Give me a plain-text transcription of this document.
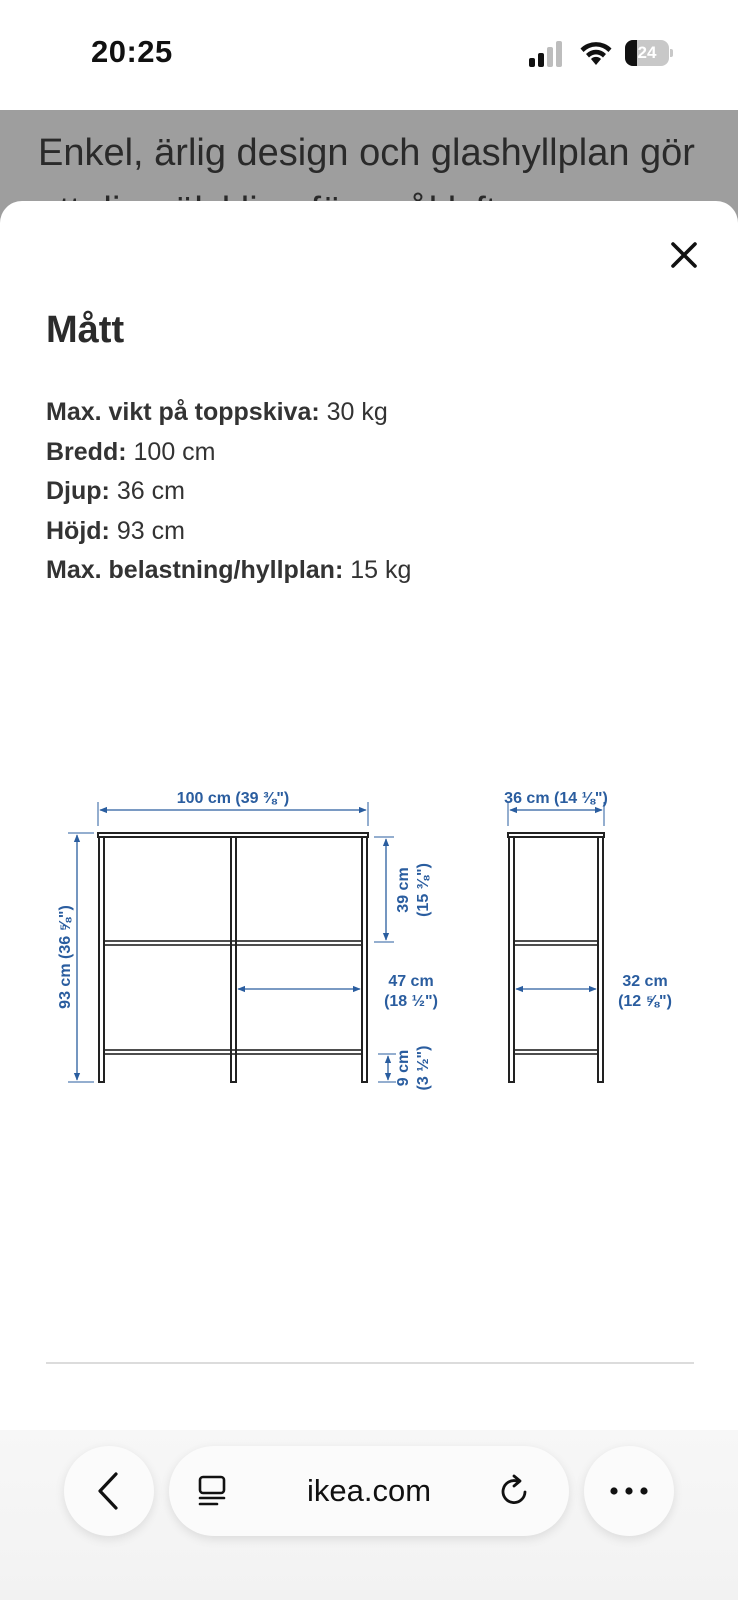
20:25	24
Enkel, ärlig design och glashyllplan gör
Mått
Max. vikt på toppskiva: 30 kg
Bredd: 100 cm
Djup: 36 cm
Höjd: 93 cm
Max. belastning/hyllplan: 15 kg
100 cm (39 ⅜")
93 cm (36 ⅝")
39 cm (15 ⅜")
47 cm
(18 ½")
9 cm (3 ½")
36 cm (14 ⅛")
32 cm
(12 ⅝")
ikea.com
